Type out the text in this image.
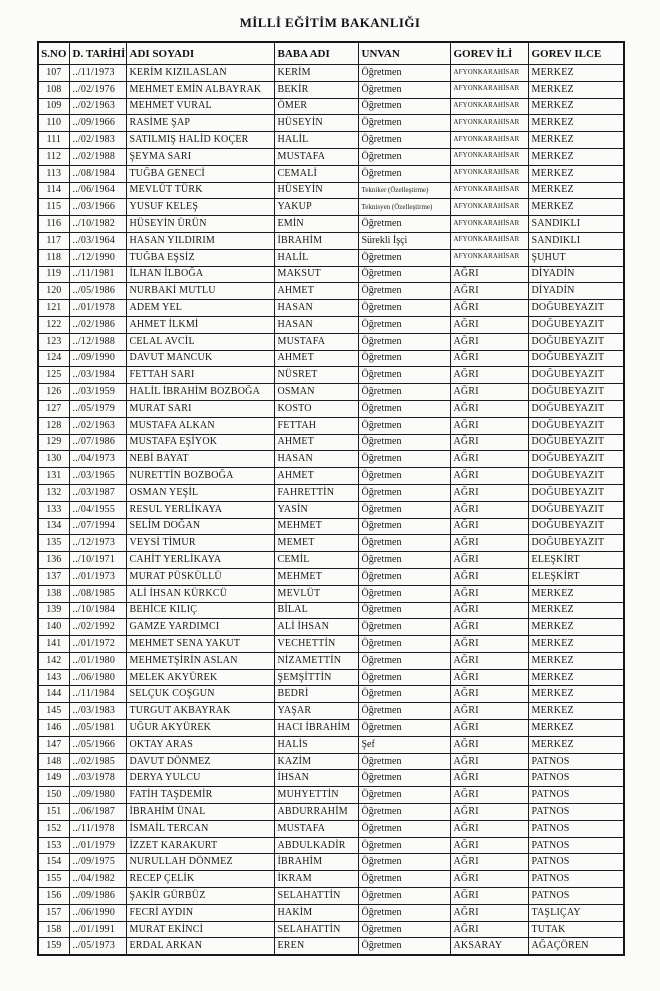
MİLLİ EĞİTİM BAKANLIĞI
S.NO	D. TARİHİ	ADI SOYADI	BABA ADI	UNVAN	GOREV İLİ	GOREV ILCE
107	../11/1973	KERİM KIZILASLAN	KERİM	Öğretmen	AFYONKARAHİSAR	MERKEZ
108	../02/1976	MEHMET EMİN ALBAYRAK	BEKİR	Öğretmen	AFYONKARAHİSAR	MERKEZ
109	../02/1963	MEHMET VURAL	ÖMER	Öğretmen	AFYONKARAHİSAR	MERKEZ
110	../09/1966	RASİME ŞAP	HÜSEYİN	Öğretmen	AFYONKARAHİSAR	MERKEZ
111	../02/1983	SATILMIŞ HALİD KOÇER	HALİL	Öğretmen	AFYONKARAHİSAR	MERKEZ
112	../02/1988	ŞEYMA SARI	MUSTAFA	Öğretmen	AFYONKARAHİSAR	MERKEZ
113	../08/1984	TUĞBA GENECİ	CEMALİ	Öğretmen	AFYONKARAHİSAR	MERKEZ
114	../06/1964	MEVLÜT TÜRK	HÜSEYİN	Tekniker (Özelleştirme)	AFYONKARAHİSAR	MERKEZ
115	../03/1966	YUSUF KELEŞ	YAKUP	Teknisyen (Özelleştirme)	AFYONKARAHİSAR	MERKEZ
116	../10/1982	HÜSEYİN ÜRÜN	EMİN	Öğretmen	AFYONKARAHİSAR	SANDIKLI
117	../03/1964	HASAN YILDIRIM	İBRAHİM	Sürekli İşçi	AFYONKARAHİSAR	SANDIKLI
118	../12/1990	TUĞBA EŞSİZ	HALİL	Öğretmen	AFYONKARAHİSAR	ŞUHUT
119	../11/1981	İLHAN İLBOĞA	MAKSUT	Öğretmen	AĞRI	DİYADİN
120	../05/1986	NURBAKİ MUTLU	AHMET	Öğretmen	AĞRI	DİYADİN
121	../01/1978	ADEM YEL	HASAN	Öğretmen	AĞRI	DOĞUBEYAZIT
122	../02/1986	AHMET İLKMİ	HASAN	Öğretmen	AĞRI	DOĞUBEYAZIT
123	../12/1988	CELAL AVCİL	MUSTAFA	Öğretmen	AĞRI	DOĞUBEYAZIT
124	../09/1990	DAVUT MANCUK	AHMET	Öğretmen	AĞRI	DOĞUBEYAZIT
125	../03/1984	FETTAH SARI	NÜSRET	Öğretmen	AĞRI	DOĞUBEYAZIT
126	../03/1959	HALİL İBRAHİM BOZBOĞA	OSMAN	Öğretmen	AĞRI	DOĞUBEYAZIT
127	../05/1979	MURAT SARI	KOSTO	Öğretmen	AĞRI	DOĞUBEYAZIT
128	../02/1963	MUSTAFA ALKAN	FETTAH	Öğretmen	AĞRI	DOĞUBEYAZIT
129	../07/1986	MUSTAFA EŞİYOK	AHMET	Öğretmen	AĞRI	DOĞUBEYAZIT
130	../04/1973	NEBİ BAYAT	HASAN	Öğretmen	AĞRI	DOĞUBEYAZIT
131	../03/1965	NURETTİN BOZBOĞA	AHMET	Öğretmen	AĞRI	DOĞUBEYAZIT
132	../03/1987	OSMAN YEŞİL	FAHRETTİN	Öğretmen	AĞRI	DOĞUBEYAZIT
133	../04/1955	RESUL YERLİKAYA	YASİN	Öğretmen	AĞRI	DOĞUBEYAZIT
134	../07/1994	SELİM DOĞAN	MEHMET	Öğretmen	AĞRI	DOĞUBEYAZIT
135	../12/1973	VEYSİ TİMUR	MEMET	Öğretmen	AĞRI	DOĞUBEYAZIT
136	../10/1971	CAHİT YERLİKAYA	CEMİL	Öğretmen	AĞRI	ELEŞKİRT
137	../01/1973	MURAT PÜSKÜLLÜ	MEHMET	Öğretmen	AĞRI	ELEŞKİRT
138	../08/1985	ALİ İHSAN KÜRKCÜ	MEVLÜT	Öğretmen	AĞRI	MERKEZ
139	../10/1984	BEHİCE KILIÇ	BİLAL	Öğretmen	AĞRI	MERKEZ
140	../02/1992	GAMZE YARDIMCI	ALİ İHSAN	Öğretmen	AĞRI	MERKEZ
141	../01/1972	MEHMET SENA YAKUT	VECHETTİN	Öğretmen	AĞRI	MERKEZ
142	../01/1980	MEHMETŞİRİN ASLAN	NİZAMETTİN	Öğretmen	AĞRI	MERKEZ
143	../06/1980	MELEK AKYÜREK	ŞEMŞİTTİN	Öğretmen	AĞRI	MERKEZ
144	../11/1984	SELÇUK COŞGUN	BEDRİ	Öğretmen	AĞRI	MERKEZ
145	../03/1983	TURGUT AKBAYRAK	YAŞAR	Öğretmen	AĞRI	MERKEZ
146	../05/1981	UĞUR AKYÜREK	HACI İBRAHİM	Öğretmen	AĞRI	MERKEZ
147	../05/1966	OKTAY ARAS	HALİS	Şef	AĞRI	MERKEZ
148	../02/1985	DAVUT DÖNMEZ	KAZİM	Öğretmen	AĞRI	PATNOS
149	../03/1978	DERYA YULCU	İHSAN	Öğretmen	AĞRI	PATNOS
150	../09/1980	FATİH TAŞDEMİR	MUHYETTİN	Öğretmen	AĞRI	PATNOS
151	../06/1987	İBRAHİM ÜNAL	ABDURRAHİM	Öğretmen	AĞRI	PATNOS
152	../11/1978	İSMAİL TERCAN	MUSTAFA	Öğretmen	AĞRI	PATNOS
153	../01/1979	İZZET KARAKURT	ABDULKADİR	Öğretmen	AĞRI	PATNOS
154	../09/1975	NURULLAH DÖNMEZ	İBRAHİM	Öğretmen	AĞRI	PATNOS
155	../04/1982	RECEP ÇELİK	İKRAM	Öğretmen	AĞRI	PATNOS
156	../09/1986	ŞAKİR GÜRBÜZ	SELAHATTİN	Öğretmen	AĞRI	PATNOS
157	../06/1990	FECRİ AYDIN	HAKİM	Öğretmen	AĞRI	TAŞLIÇAY
158	../01/1991	MURAT EKİNCİ	SELAHATTİN	Öğretmen	AĞRI	TUTAK
159	../05/1973	ERDAL ARKAN	EREN	Öğretmen	AKSARAY	AĞAÇÖREN
